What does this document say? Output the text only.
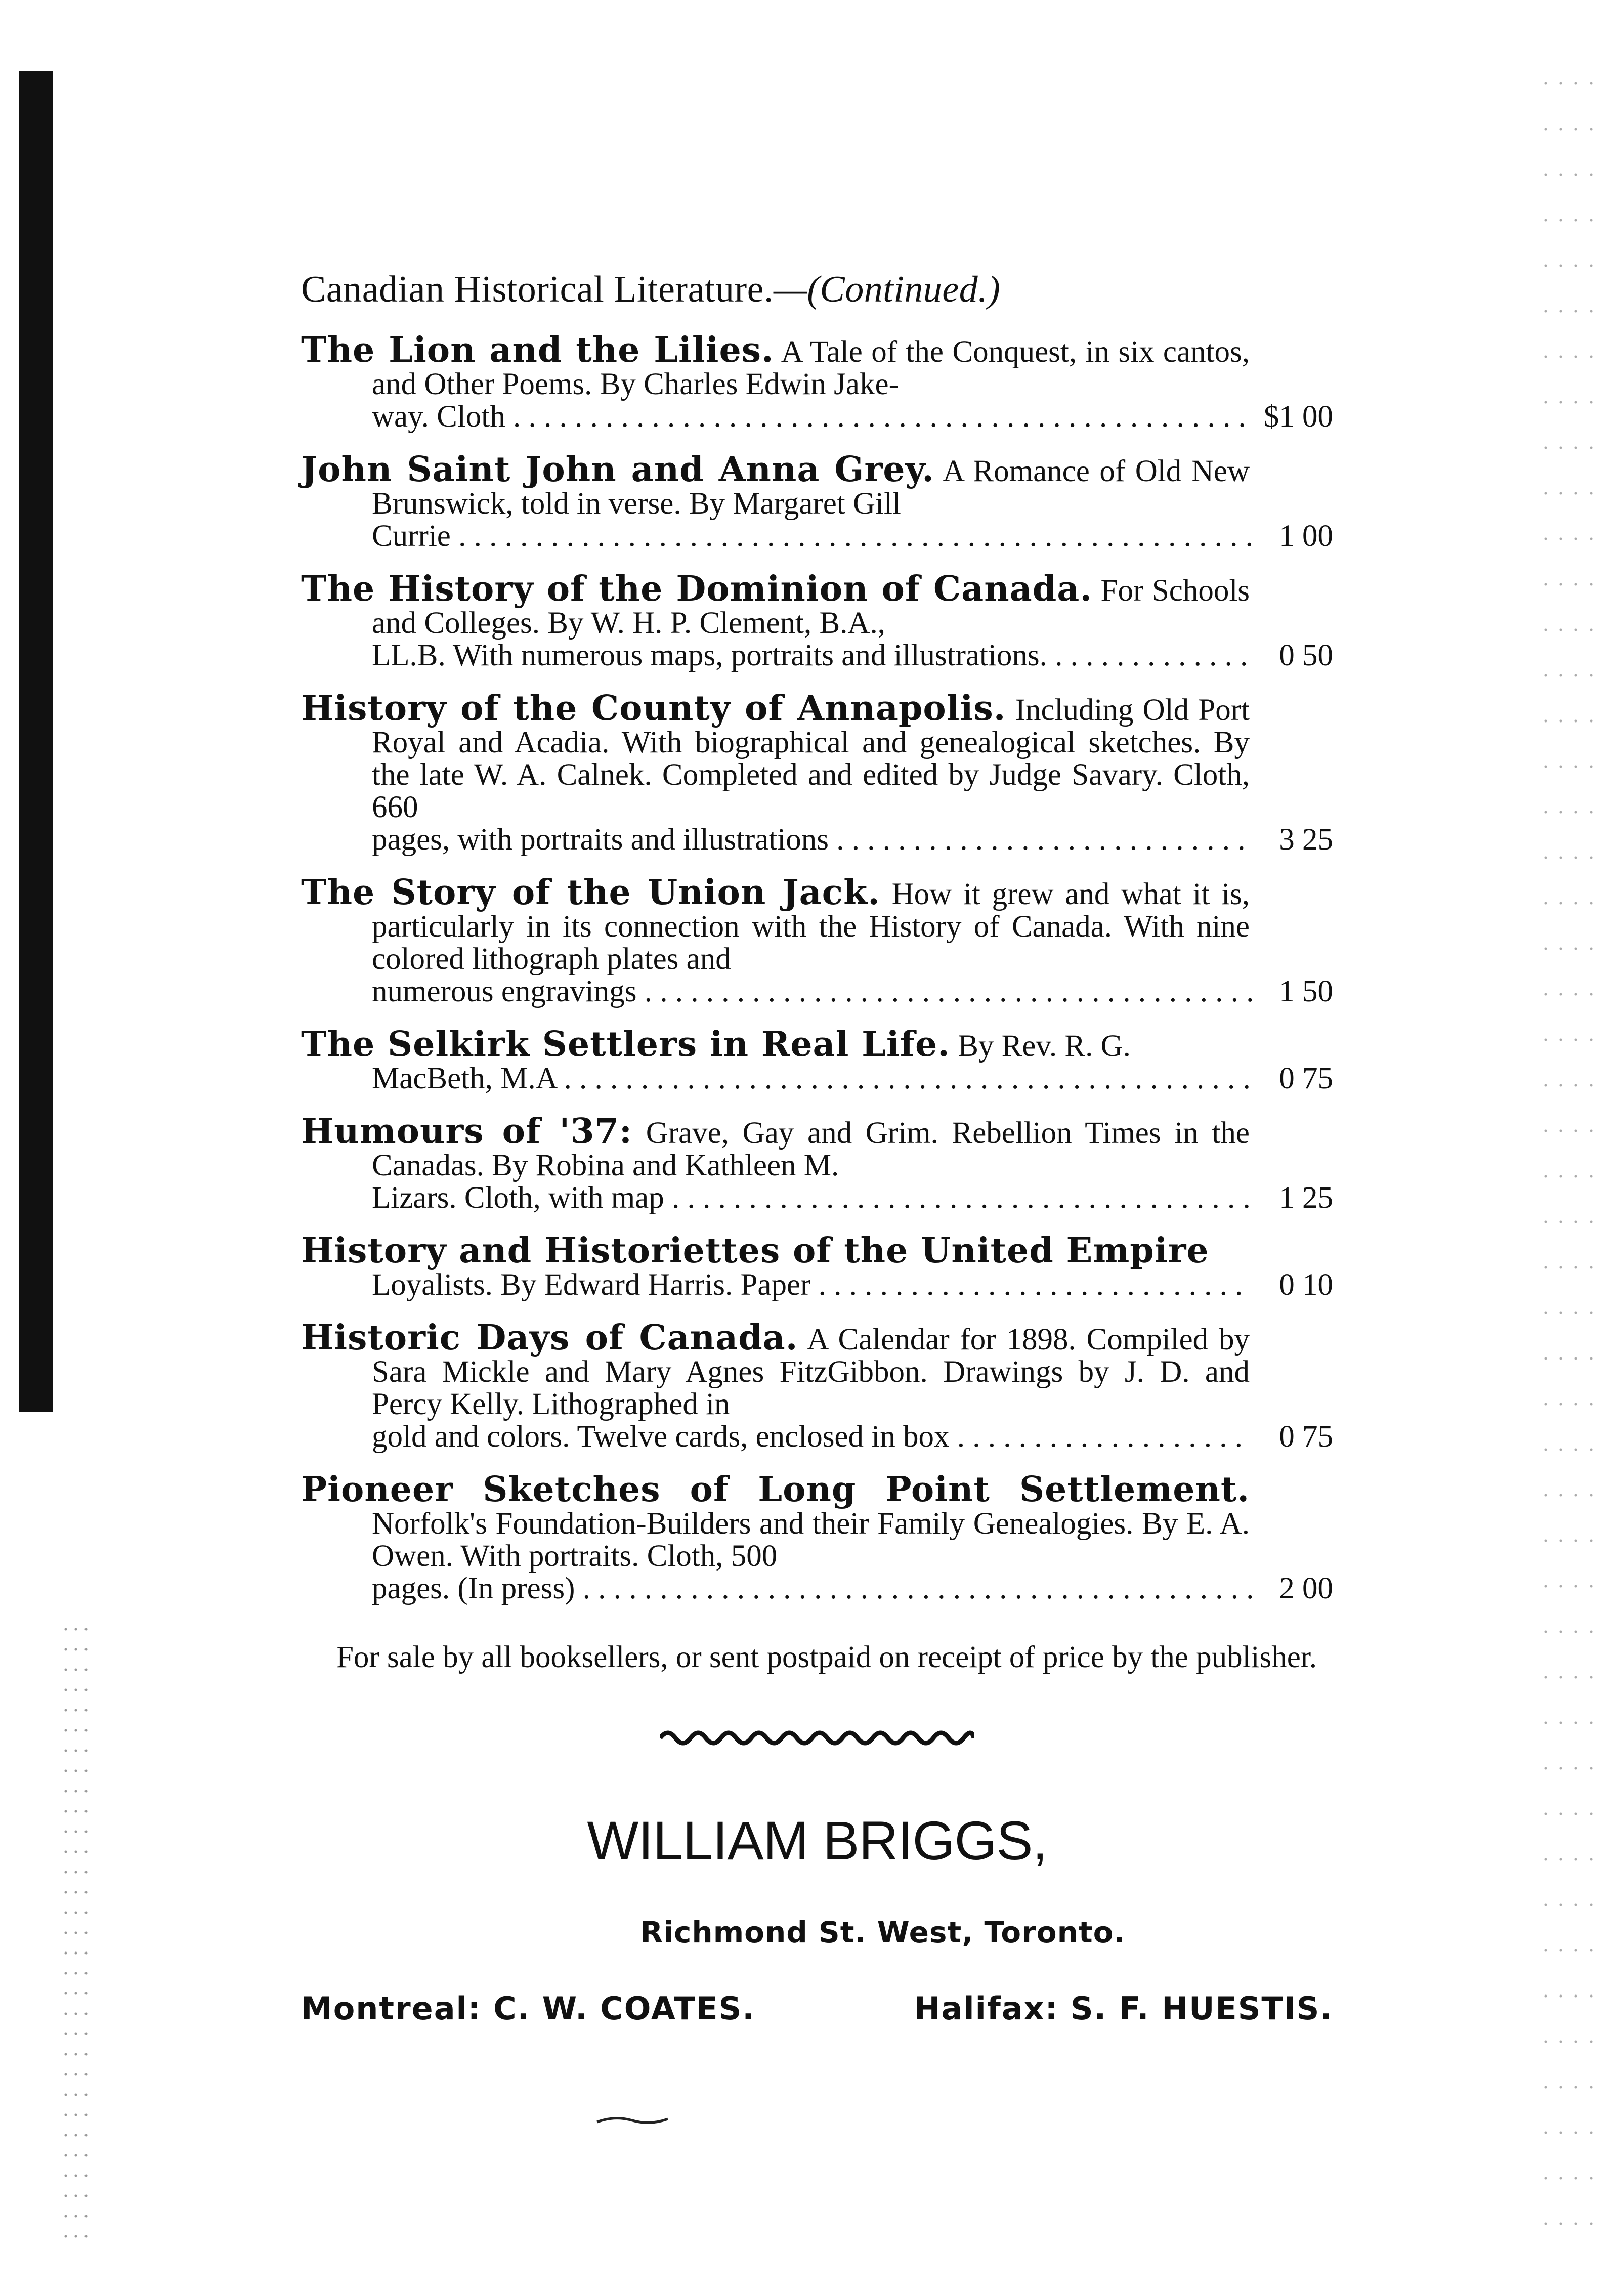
Canadian Historical Literature.—(Continued.)
The Lion and the Lilies. A Tale of the Conquest, in six cantos, and Other Poems. By Charles Edwin Jake-
way. Cloth . . .	$1 00
John Saint John and Anna Grey. A Romance of Old New Brunswick, told in verse. By Margaret Gill
Currie . . .	1 00
The History of the Dominion of Canada. For Schools and Colleges. By W. H. P. Clement, B.A.,
LL.B. With numerous maps, portraits and illustrations. . . .	0 50
History of the County of Annapolis. Including Old Port Royal and Acadia. With biographical and genealogical sketches. By the late W. A. Calnek. Completed and edited by Judge Savary. Cloth, 660
pages, with portraits and illustrations . . .	3 25
The Story of the Union Jack. How it grew and what it is, particularly in its connection with the History of Canada. With nine colored lithograph plates and
numerous engravings . . .	1 50
The Selkirk Settlers in Real Life. By Rev. R. G.
MacBeth, M.A . . .	0 75
Humours of '37: Grave, Gay and Grim. Rebellion Times in the Canadas. By Robina and Kathleen M.
Lizars. Cloth, with map . . .	1 25
History and Historiettes of the United Empire
Loyalists. By Edward Harris. Paper . . .	0 10
Historic Days of Canada. A Calendar for 1898. Compiled by Sara Mickle and Mary Agnes FitzGibbon. Drawings by J. D. and Percy Kelly. Lithographed in
gold and colors. Twelve cards, enclosed in box . . .	0 75
Pioneer Sketches of Long Point Settlement. Norfolk's Foundation-Builders and their Family Genealogies. By E. A. Owen. With portraits. Cloth, 500
pages. (In press) . . .	2 00
For sale by all booksellers, or sent postpaid on receipt of price by the publisher.
WILLIAM BRIGGS,
Richmond St. West, Toronto.
Montreal: C. W. COATES.	Halifax: S. F. HUESTIS.
